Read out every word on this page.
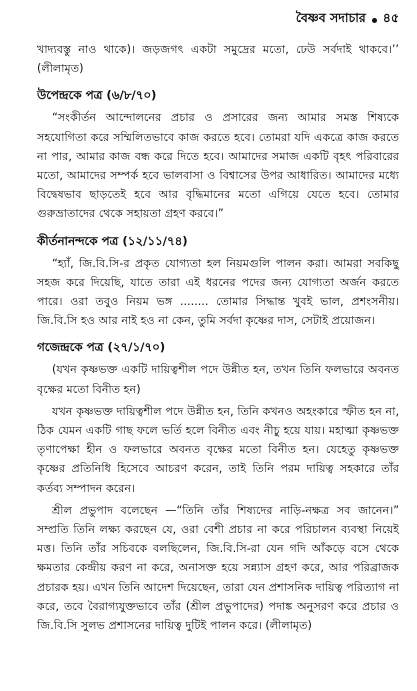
বৈষ্ণব সদাচার ৪৫

খাদ্যবস্তু নাও থাকে)। জড়জগৎ একটা সমুদ্রের মতো, ঢেউ সর্বদাই থাকবে।’’ (লীলামৃত)

উপেন্দ্রকে পত্র (৬/৮/৭০)

“সংকীর্তন আন্দোলনের প্রচার ও প্রসারের জন্য আমার সমস্ত শিষ্যকে সহযোগিতা করে সম্মিলিতভাবে কাজ করতে হবে। তোমরা যদি একত্রে কাজ করতে না পার, আমার কাজ বন্ধ করে দিতে হবে। আমাদের সমাজ একটি বৃহৎ পরিবারের মতো, আমাদের সম্পর্ক হবে ভালবাসা ও বিশ্বাসের উপর আধারিত। আমাদের মধ্যে বিদ্বেষভাব ছাড়তেই হবে আর বৃদ্ধিমানের মতো এগিয়ে যেতে হবে। তোমার গুরুভ্রাতাদের থেকে সহায়তা গ্রহণ করবে।”

কীর্তনানন্দকে পত্র (১২/১১/৭৪)

“হ্যাঁ, জি.বি.সি-র প্রকৃত যোগ্যতা হল নিয়মগুলি পালন করা। আমরা সবকিছু সহজ করে দিয়েছি, যাতে তারা এই ধরনের পদের জন্য যোগ্যতা অর্জন করতে পারে। ওরা তবুও নিয়ম ভঙ্গ ........ তোমার সিদ্ধান্ত খুবই ভাল, প্রশংসনীয়। জি.বি.সি হও আর নাই হও না কেন, তুমি সর্বদা কৃষ্ণের দাস, সেটাই প্রয়োজন।

গজেন্দ্রকে পত্র (২৭/১/৭০)

(যখন কৃষ্ণভক্ত একটি দায়িত্বশীল পদে উন্নীত হন, তখন তিনি ফলভারে অবনত বৃক্ষের মতো বিনীত হন)

যখন কৃষ্ণভক্ত দায়িত্বশীল পদে উন্নীত হন, তিনি কখনও অহংকারে স্ফীত হন না, ঠিক যেমন একটি গাছ ফলে ভর্তি হলে বিনীত এবং নীচু হয়ে যায়। মহাত্মা কৃষ্ণভক্ত তৃণাপেক্ষা হীন ও ফলভারে অবনত বৃক্ষের মতো বিনীত হন। যেহেতু কৃষ্ণভক্ত কৃষ্ণের প্রতিনিধি হিসেবে আচরণ করেন, তাই তিনি পরম দায়িত্ব সহকারে তাঁর কর্তব্য সম্পাদন করেন।

শ্রীল প্রভুপাদ বলেছেন —“তিনি তাঁর শিষ্যদের নাড়ি-নক্ষত্র সব জানেন।” সম্প্রতি তিনি লক্ষ্য করছেন যে, ওরা বেশী প্রচার না করে পরিচালন ব্যবস্থা নিয়েই মত্ত। তিনি তাঁর সচিবকে বলছিলেন, জি.বি.সি-রা যেন গদি আঁকড়ে বসে থেকে ক্ষমতার কেন্দ্রীয় করণ না করে, অনাসক্ত হয়ে সন্ন্যাস গ্রহণ করে, আর পরিব্রাজক প্রচারক হয়। এখন তিনি আদেশ দিয়েছেন, তারা যেন প্রশাসনিক দায়িত্ব পরিত্যাগ না করে, তবে বৈরাগ্যযুক্তভাবে তাঁর (শ্রীল প্রভুপাদের) পদাঙ্ক অনুসরণ করে প্রচার ও জি.বি.সি সুলভ প্রশাসনের দায়িত্ব দুটিই পালন করে। (লীলামৃত)
